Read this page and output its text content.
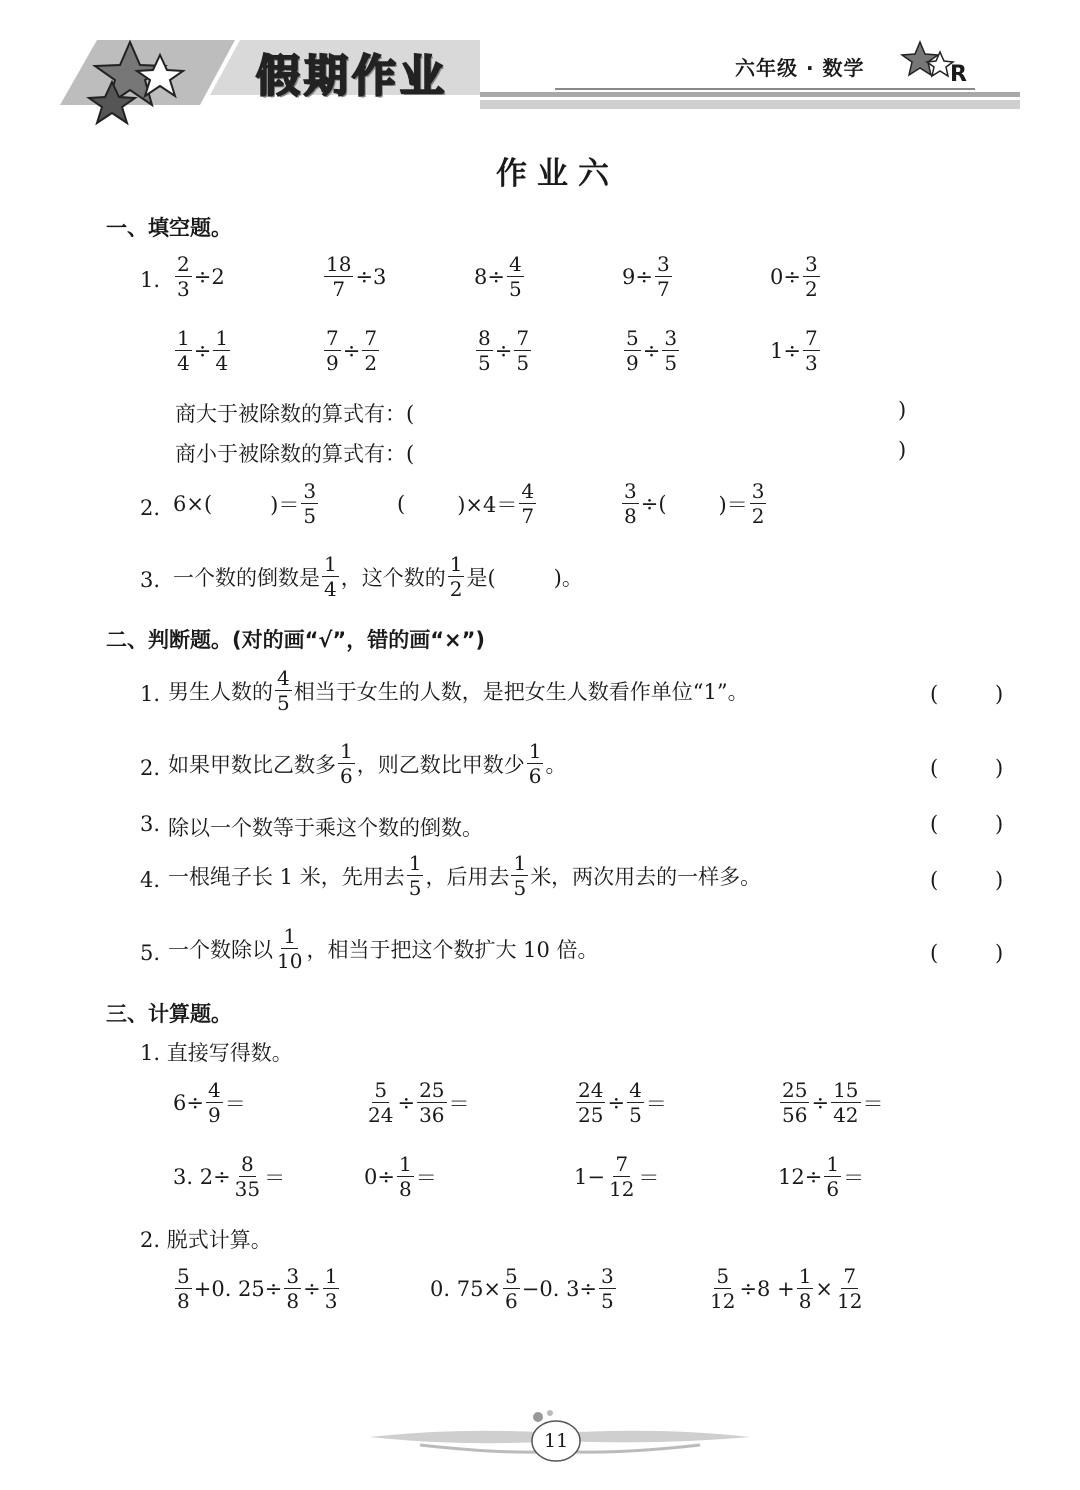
假期作业	六年级 · 数学	R
作业六
一、填空题。
1. $\frac{2}{3} \div 2$	$\frac{18}{7} \div 3$	$8\div \frac{4}{5}$	$9\div \frac{3}{7}$	$0\div \frac{3}{2}$
$\frac{1}{4} \div \frac{1}{4}$	$\frac{7}{9} \div \frac{7}{2}$	$\frac{8}{5} \div \frac{7}{5}$	$\frac{5}{9} \div \frac{3}{5}$	$1\div \frac{7}{3}$
商大于被除数的算式有：(	)
商小于被除数的算式有：(	)
2. 6×(	)＝ $\frac{3}{5}$	( )$\times 4= \frac{4}{7}$	$\frac{3}{8}$ ÷( )＝ $\frac{3}{2}$
3. 一个数的倒数是 $\frac{1}{4}$ ，这个数的 $\frac{1}{2}$ 是(	)。
二、判断题。(对的画“√”，错的画“×”)
1. 男生人数的 $\frac{4}{5}$ 相当于女生的人数，是把女生人数看作单位“1”。	(	)
2. 如果甲数比乙数多 $\frac{1}{6}$ ，则乙数比甲数少 $\frac{1}{6}$ 。	(	)
3. 除以一个数等于乘这个数的倒数。	(	)
4. 一根绳子长 1 米，先用去 $\frac{1}{5}$ ，后用去 $\frac{1}{5}$ 米，两次用去的一样多。	(	)
5. 一个数除以 $\frac{1}{10}$ ，相当于把这个数扩大 10 倍。	(	)
三、计算题。
1. 直接写得数。
$6\div \frac{4}{9}$ ＝	$\frac{5}{24} \div \frac{25}{36}$ ＝	$\frac{24}{25} \div \frac{4}{5}$ ＝	$\frac{25}{56} \div \frac{15}{42}$ ＝
3. $2\div \frac{8}{35}$ ＝	$0\div \frac{1}{8}$ ＝	$1- \frac{7}{12}$ ＝	$12\div \frac{1}{6}$ ＝
2. 脱式计算。
$\frac{5}{8} +0$. $25\div \frac{3}{8} \div \frac{1}{3}$	0. $75\times \frac{5}{6} -0$. $3\div \frac{3}{5}$	$\frac{5}{12} \div 8 + \frac{1}{8} \times \frac{7}{12}$
11
